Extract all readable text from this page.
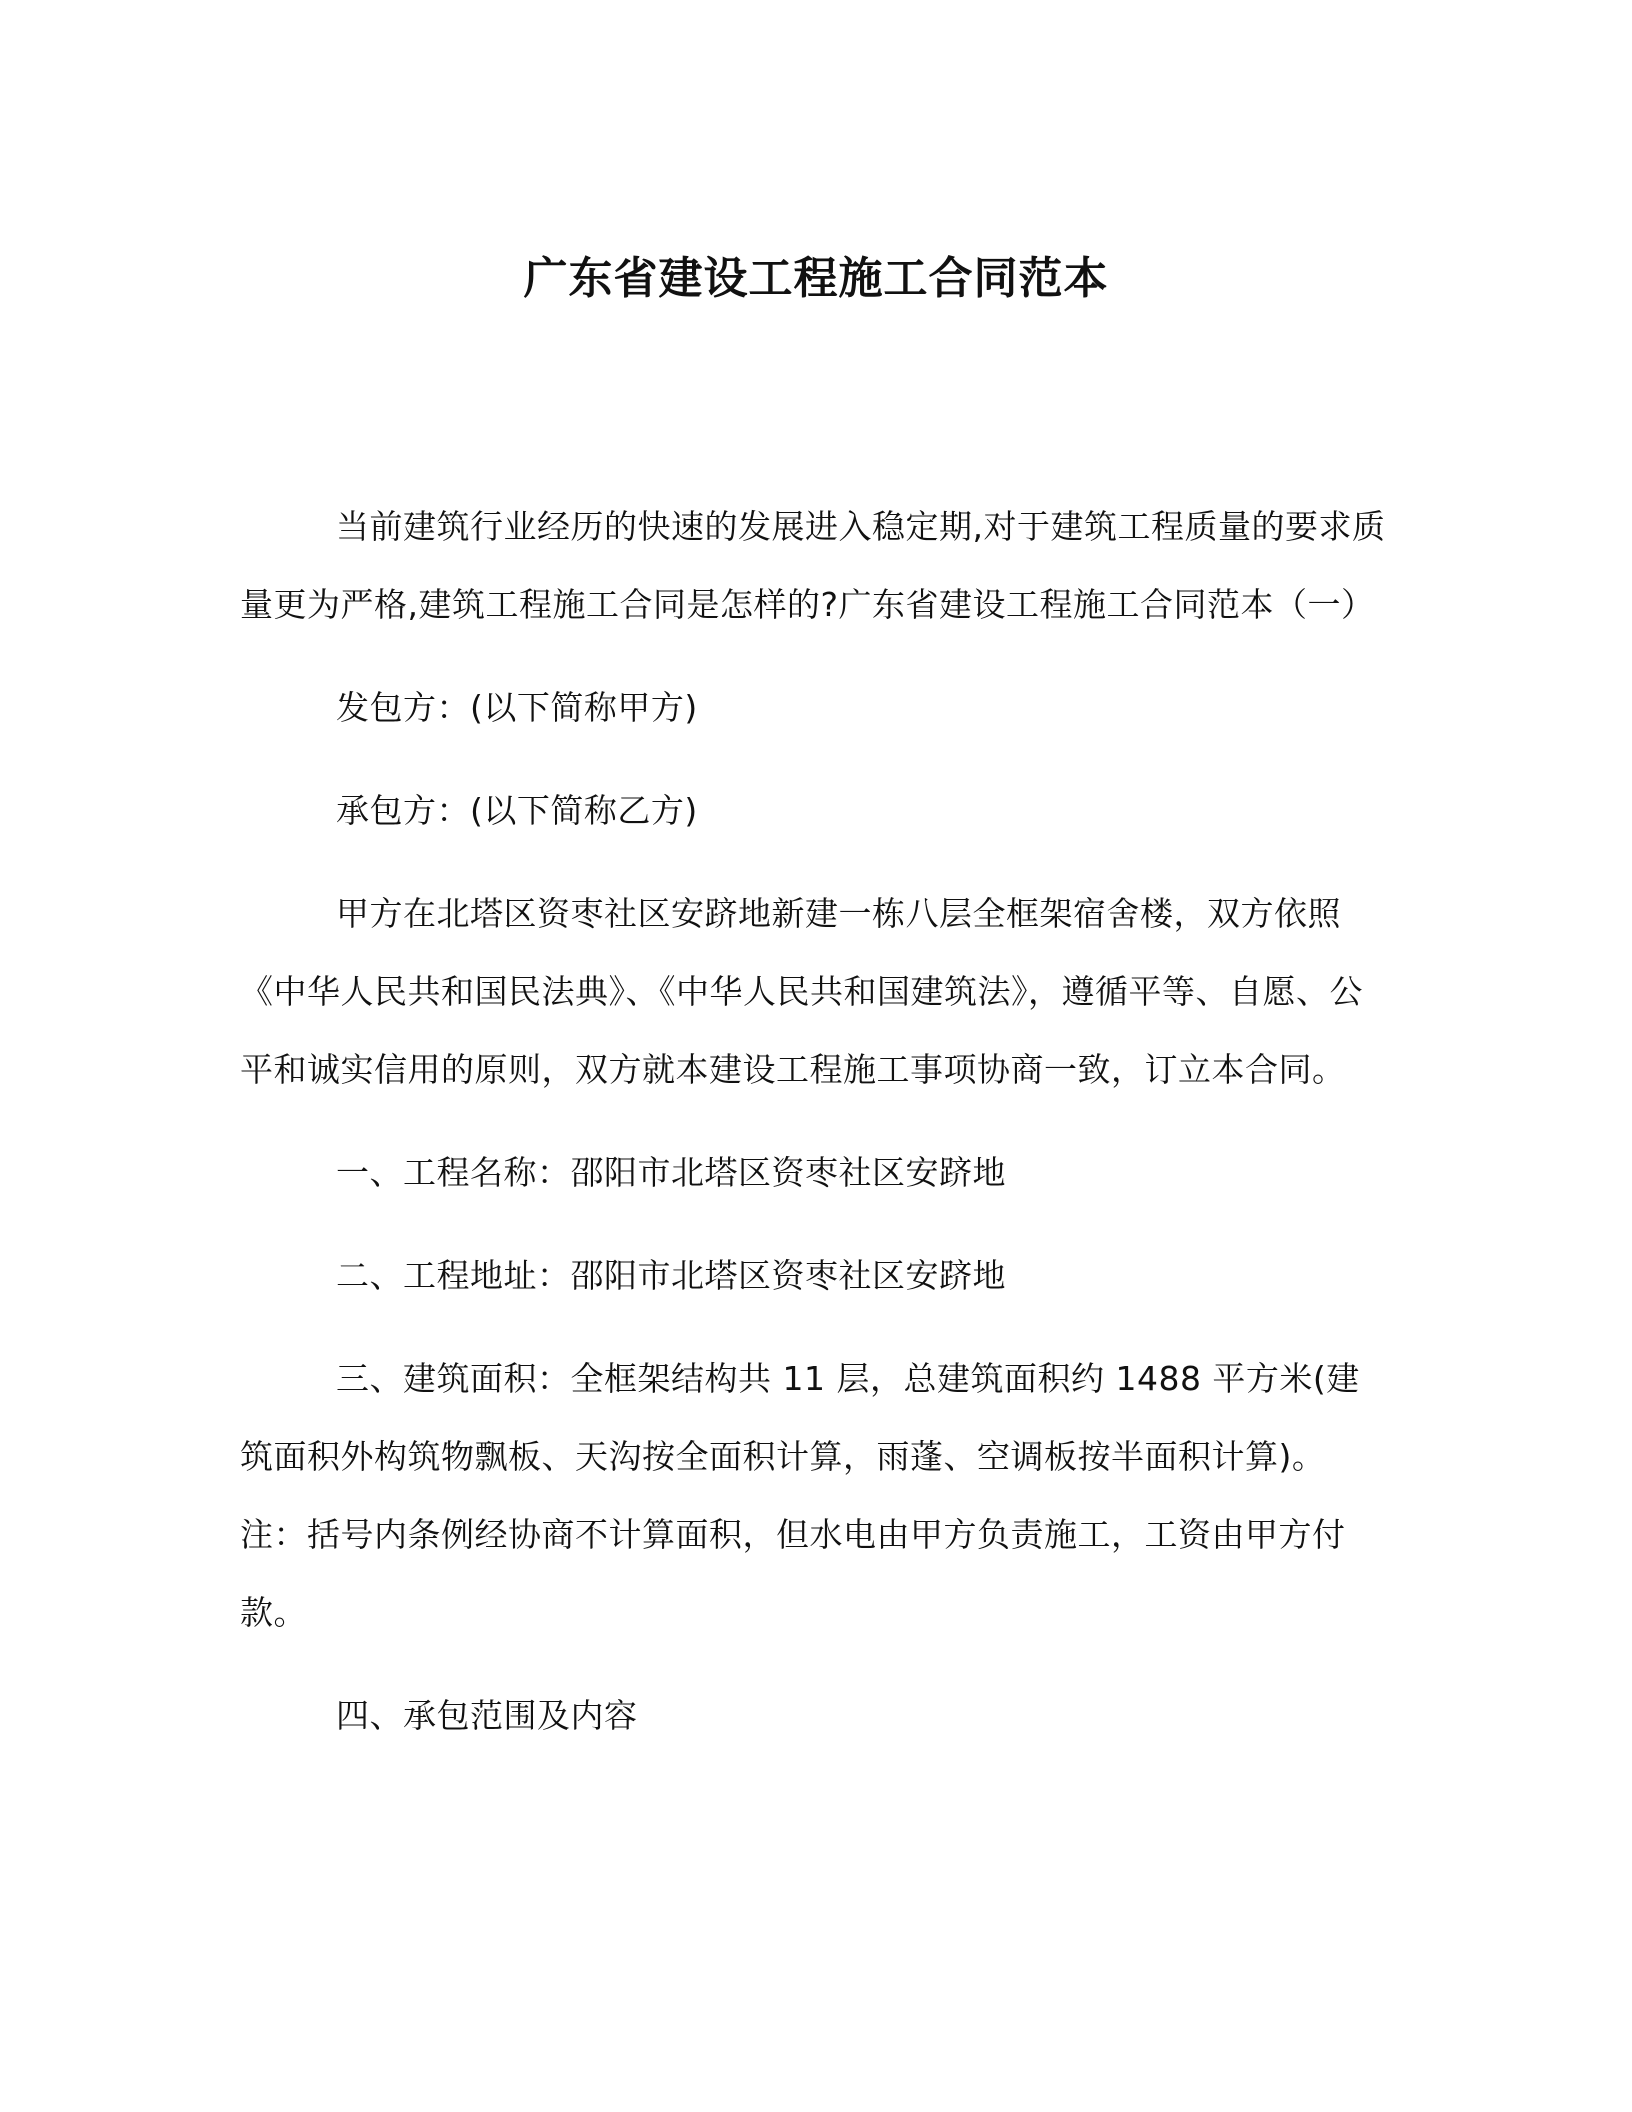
广东省建设工程施工合同范本

当前建筑行业经历的快速的发展进入稳定期,对于建筑工程质量的要求质量更为严格,建筑工程施工合同是怎样的?广东省建设工程施工合同范本（一）

发包方：(以下简称甲方)

承包方：(以下简称乙方)

甲方在北塔区资枣社区安跻地新建一栋八层全框架宿舍楼，双方依照《中华人民共和国民法典》、《中华人民共和国建筑法》，遵循平等、自愿、公平和诚实信用的原则，双方就本建设工程施工事项协商一致，订立本合同。

一、工程名称：邵阳市北塔区资枣社区安跻地

二、工程地址：邵阳市北塔区资枣社区安跻地

三、建筑面积：全框架结构共 11 层，总建筑面积约 1488 平方米(建筑面积外构筑物飘板、天沟按全面积计算，雨蓬、空调板按半面积计算)。注：括号内条例经协商不计算面积，但水电由甲方负责施工，工资由甲方付款。

四、承包范围及内容
